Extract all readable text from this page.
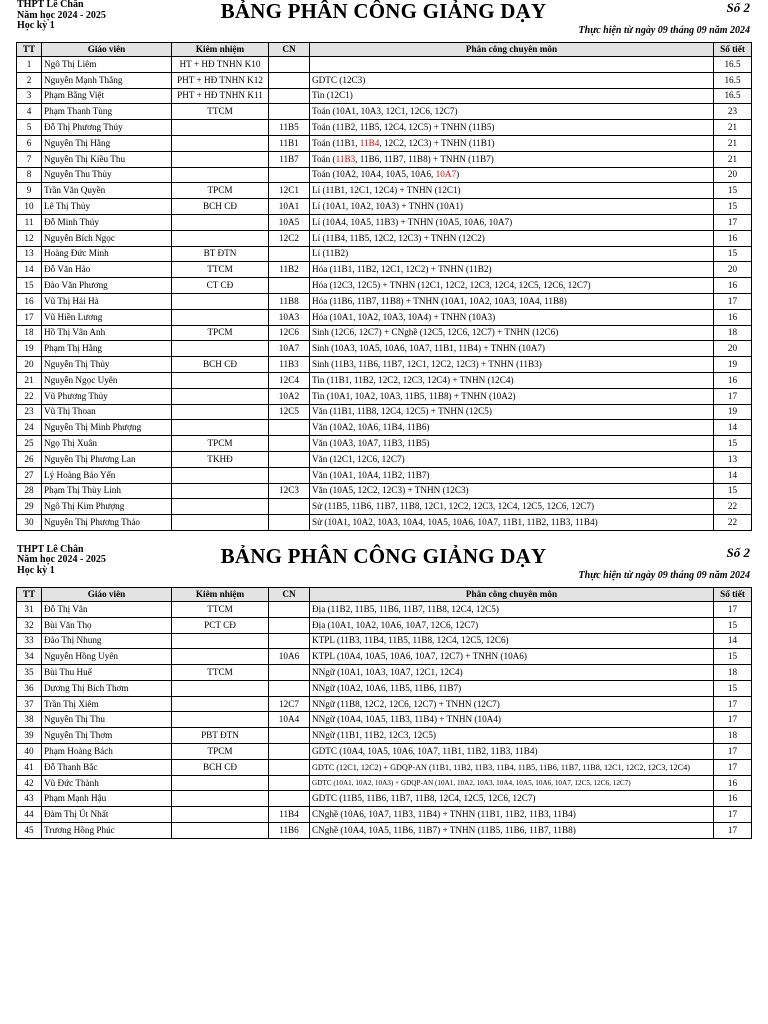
THPT Lê Chân
Năm học 2024 - 2025
Học kỳ 1
BẢNG PHÂN CÔNG GIẢNG DẠY	Số 2
Thực hiện từ ngày 09 tháng 09 năm 2024
TT	Giáo viên	Kiêm nhiệm	CN	Phân công chuyên môn	Số tiết
1	Ngô Thị Liêm	HT + HĐ TNHN K10			16.5
2	Nguyễn Mạnh Thắng	PHT + HĐ TNHN K12		GDTC (12C3)	16.5
3	Phạm Bằng Việt	PHT + HĐ TNHN K11		Tin (12C1)	16.5
4	Phạm Thanh Tùng	TTCM		Toán (10A1, 10A3, 12C1, 12C6, 12C7)	23
5	Đỗ Thị Phương Thúy		11B5	Toán (11B2, 11B5, 12C4, 12C5) + TNHN (11B5)	21
6	Nguyễn Thị Hằng		11B1	Toán (11B1, 11B4, 12C2, 12C3) + TNHN (11B1)	21
7	Nguyễn Thị Kiều Thu		11B7	Toán (11B3, 11B6, 11B7, 11B8) + TNHN (11B7)	21
8	Nguyễn Thu Thủy			Toán (10A2, 10A4, 10A5, 10A6, 10A7)	20
9	Trần Văn Quyền	TPCM	12C1	Lí (11B1, 12C1, 12C4) + TNHN (12C1)	15
10	Lê Thị Thủy	BCH CĐ	10A1	Lí (10A1, 10A2, 10A3) + TNHN (10A1)	15
11	Đỗ Minh Thúy		10A5	Lí (10A4, 10A5, 11B3) + TNHN (10A5, 10A6, 10A7)	17
12	Nguyễn Bích Ngọc		12C2	Lí (11B4, 11B5, 12C2, 12C3) + TNHN (12C2)	16
13	Hoàng Đức Minh	BT ĐTN		Lí (11B2)	15
14	Đỗ Văn Hảo	TTCM	11B2	Hóa (11B1, 11B2, 12C1, 12C2) + TNHN (11B2)	20
15	Đào Văn Phương	CT CĐ		Hóa (12C3, 12C5) + TNHN (12C1, 12C2, 12C3, 12C4, 12C5, 12C6, 12C7)	16
16	Vũ Thị Hải Hà		11B8	Hóa (11B6, 11B7, 11B8) + TNHN (10A1, 10A2, 10A3, 10A4, 11B8)	17
17	Vũ Hiền Lương		10A3	Hóa (10A1, 10A2, 10A3, 10A4) + TNHN (10A3)	16
18	Hồ Thị Vân Anh	TPCM	12C6	Sinh (12C6, 12C7) + CNghề (12C5, 12C6, 12C7) + TNHN (12C6)	18
19	Phạm Thị Hằng		10A7	Sinh (10A3, 10A5, 10A6, 10A7, 11B1, 11B4) + TNHN (10A7)	20
20	Nguyễn Thị Thủy	BCH CĐ	11B3	Sinh (11B3, 11B6, 11B7, 12C1, 12C2, 12C3) + TNHN (11B3)	19
21	Nguyễn Ngọc Uyên		12C4	Tin (11B1, 11B2, 12C2, 12C3, 12C4) + TNHN (12C4)	16
22	Vũ Phương Thủy		10A2	Tin (10A1, 10A2, 10A3, 11B5, 11B8) + TNHN (10A2)	17
23	Vũ Thị Thoan		12C5	Văn (11B1, 11B8, 12C4, 12C5) + TNHN (12C5)	19
24	Nguyễn Thị Minh Phượng			Văn (10A2, 10A6, 11B4, 11B6)	14
25	Ngọ Thị Xuân	TPCM		Văn (10A3, 10A7, 11B3, 11B5)	15
26	Nguyễn Thị Phương Lan	TKHĐ		Văn (12C1, 12C6, 12C7)	13
27	Lý Hoàng Bảo Yến			Văn (10A1, 10A4, 11B2, 11B7)	14
28	Phạm Thị Thùy Linh		12C3	Văn (10A5, 12C2, 12C3) + TNHN (12C3)	15
29	Ngô Thị Kim Phượng			Sử (11B5, 11B6, 11B7, 11B8, 12C1, 12C2, 12C3, 12C4, 12C5, 12C6, 12C7)	22
30	Nguyễn Thị Phương Thảo			Sử (10A1, 10A2, 10A3, 10A4, 10A5, 10A6, 10A7, 11B1, 11B2, 11B3, 11B4)	22
THPT Lê Chân
Năm học 2024 - 2025
Học kỳ 1
BẢNG PHÂN CÔNG GIẢNG DẠY	Số 2
Thực hiện từ ngày 09 tháng 09 năm 2024
TT	Giáo viên	Kiêm nhiệm	CN	Phân công chuyên môn	Số tiết
31	Đỗ Thị Vân	TTCM		Địa (11B2, 11B5, 11B6, 11B7, 11B8, 12C4, 12C5)	17
32	Bùi Văn Thọ	PCT CĐ		Địa (10A1, 10A2, 10A6, 10A7, 12C6, 12C7)	15
33	Đào Thị Nhung			KTPL (11B3, 11B4, 11B5, 11B8, 12C4, 12C5, 12C6)	14
34	Nguyễn Hồng Uyên		10A6	KTPL (10A4, 10A5, 10A6, 10A7, 12C7) + TNHN (10A6)	15
35	Bùi Thu Huế	TTCM		NNgữ (10A1, 10A3, 10A7, 12C1, 12C4)	18
36	Dương Thị Bích Thơm			NNgữ (10A2, 10A6, 11B5, 11B6, 11B7)	15
37	Trần Thị Xiêm		12C7	NNgữ (11B8, 12C2, 12C6, 12C7) + TNHN (12C7)	17
38	Nguyễn Thị Thu		10A4	NNgữ (10A4, 10A5, 11B3, 11B4) + TNHN (10A4)	17
39	Nguyễn Thị Thơm	PBT ĐTN		NNgữ (11B1, 11B2, 12C3, 12C5)	18
40	Phạm Hoàng Bách	TPCM		GDTC (10A4, 10A5, 10A6, 10A7, 11B1, 11B2, 11B3, 11B4)	17
41	Đỗ Thanh Bắc	BCH CĐ		GDTC (12C1, 12C2) + GDQP-AN (11B1, 11B2, 11B3, 11B4, 11B5, 11B6, 11B7, 11B8, 12C1, 12C2, 12C3, 12C4)	17
42	Vũ Đức Thành			GDTC (10A1, 10A2, 10A3) + GDQP-AN (10A1, 10A2, 10A3, 10A4, 10A5, 10A6, 10A7, 12C5, 12C6, 12C7)	16
43	Phạm Mạnh Hậu			GDTC (11B5, 11B6, 11B7, 11B8, 12C4, 12C5, 12C6, 12C7)	16
44	Đàm Thị Út Nhất		11B4	CNghề (10A6, 10A7, 11B3, 11B4) + TNHN (11B1, 11B2, 11B3, 11B4)	17
45	Trương Hồng Phúc		11B6	CNghề (10A4, 10A5, 11B6, 11B7) + TNHN (11B5, 11B6, 11B7, 11B8)	17
